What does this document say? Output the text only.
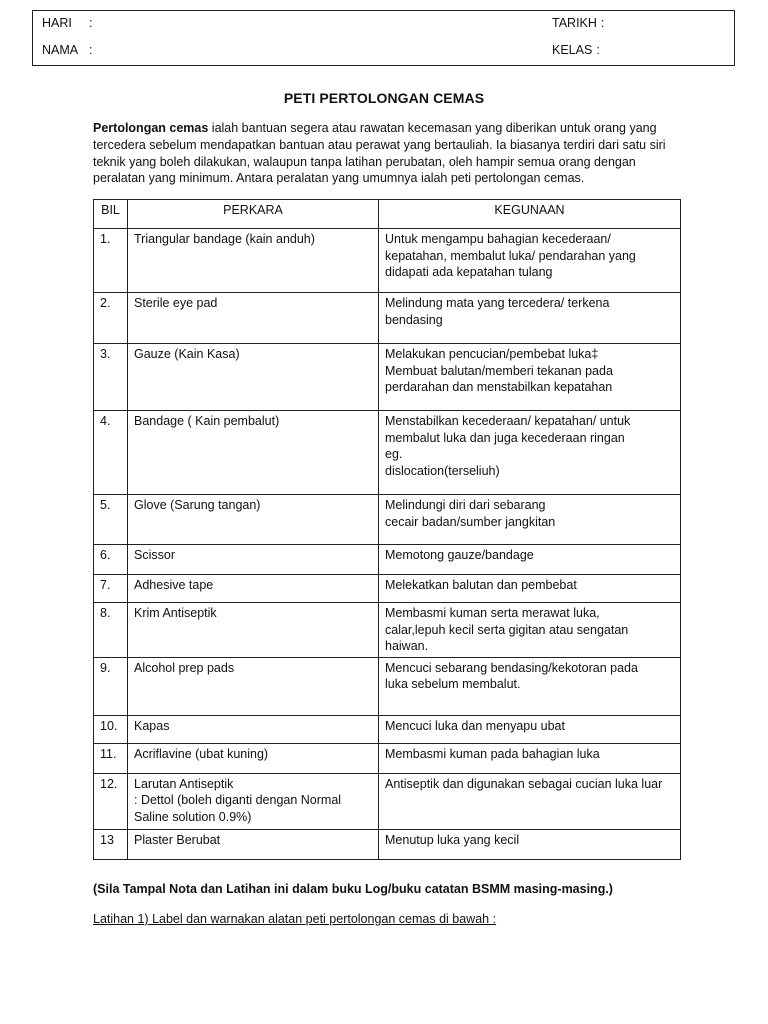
HARI :
NAMA :
TARIKH :
KELAS :
PETI PERTOLONGAN CEMAS
Pertolongan cemas ialah bantuan segera atau rawatan kecemasan yang diberikan untuk orang yang tercedera sebelum mendapatkan bantuan atau perawat yang bertauliah. Ia biasanya terdiri dari satu siri teknik yang boleh dilakukan, walaupun tanpa latihan perubatan, oleh hampir semua orang dengan peralatan yang minimum. Antara peralatan yang umumnya ialah peti pertolongan cemas.
BIL	PERKARA	KEGUNAAN
1.	Triangular bandage (kain anduh)	Untuk mengampu bahagian kecederaan/
kepatahan, membalut luka/ pendarahan yang
didapati ada kepatahan tulang

2.	Sterile eye pad	Melindung mata yang tercedera/ terkena
bendasing

3.	Gauze (Kain Kasa)	Melakukan pencucian/pembebat luka‡
Membuat balutan/memberi tekanan pada
perdarahan dan menstabilkan kepatahan

4.	Bandage ( Kain pembalut)	Menstabilkan kecederaan/ kepatahan/ untuk
membalut luka dan juga kecederaan ringan
eg.
dislocation(terseliuh)

5.	Glove (Sarung tangan)	Melindungi diri dari sebarang
cecair badan/sumber jangkitan

6.	Scissor	Memotong gauze/bandage

7.	Adhesive tape	Melekatkan balutan dan pembebat

8.	Krim Antiseptik	Membasmi kuman serta merawat luka,
calar,lepuh kecil serta gigitan atau sengatan
haiwan.

9.	Alcohol prep pads	Mencuci sebarang bendasing/kekotoran pada
luka sebelum membalut.

10.	Kapas	Mencuci luka dan menyapu ubat

11.	Acriflavine (ubat kuning)	Membasmi kuman pada bahagian luka

12.	Larutan Antiseptik
: Dettol (boleh diganti dengan Normal
Saline solution 0.9%)	Antiseptik dan digunakan sebagai cucian luka luar

13	Plaster Berubat	Menutup luka yang kecil
(Sila Tampal Nota dan Latihan ini dalam buku Log/buku catatan BSMM masing-masing.)
Latihan 1) Label dan warnakan alatan peti pertolongan cemas di bawah :
